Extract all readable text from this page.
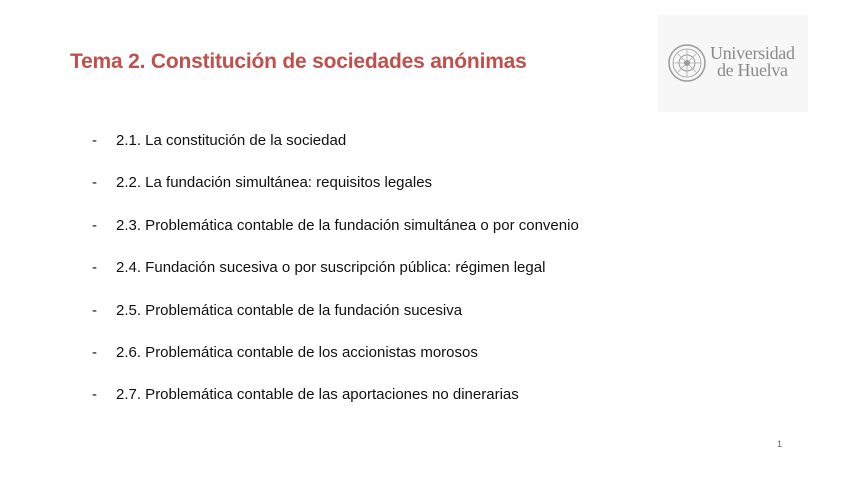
Tema 2. Constitución de sociedades anónimas	Universidad
de Huelva
- 2.1. La constitución de la sociedad
- 2.2. La fundación simultánea: requisitos legales
- 2.3. Problemática contable de la fundación simultánea o por convenio
- 2.4. Fundación sucesiva o por suscripción pública: régimen legal
- 2.5. Problemática contable de la fundación sucesiva
- 2.6. Problemática contable de los accionistas morosos
- 2.7. Problemática contable de las aportaciones no dinerarias
1
